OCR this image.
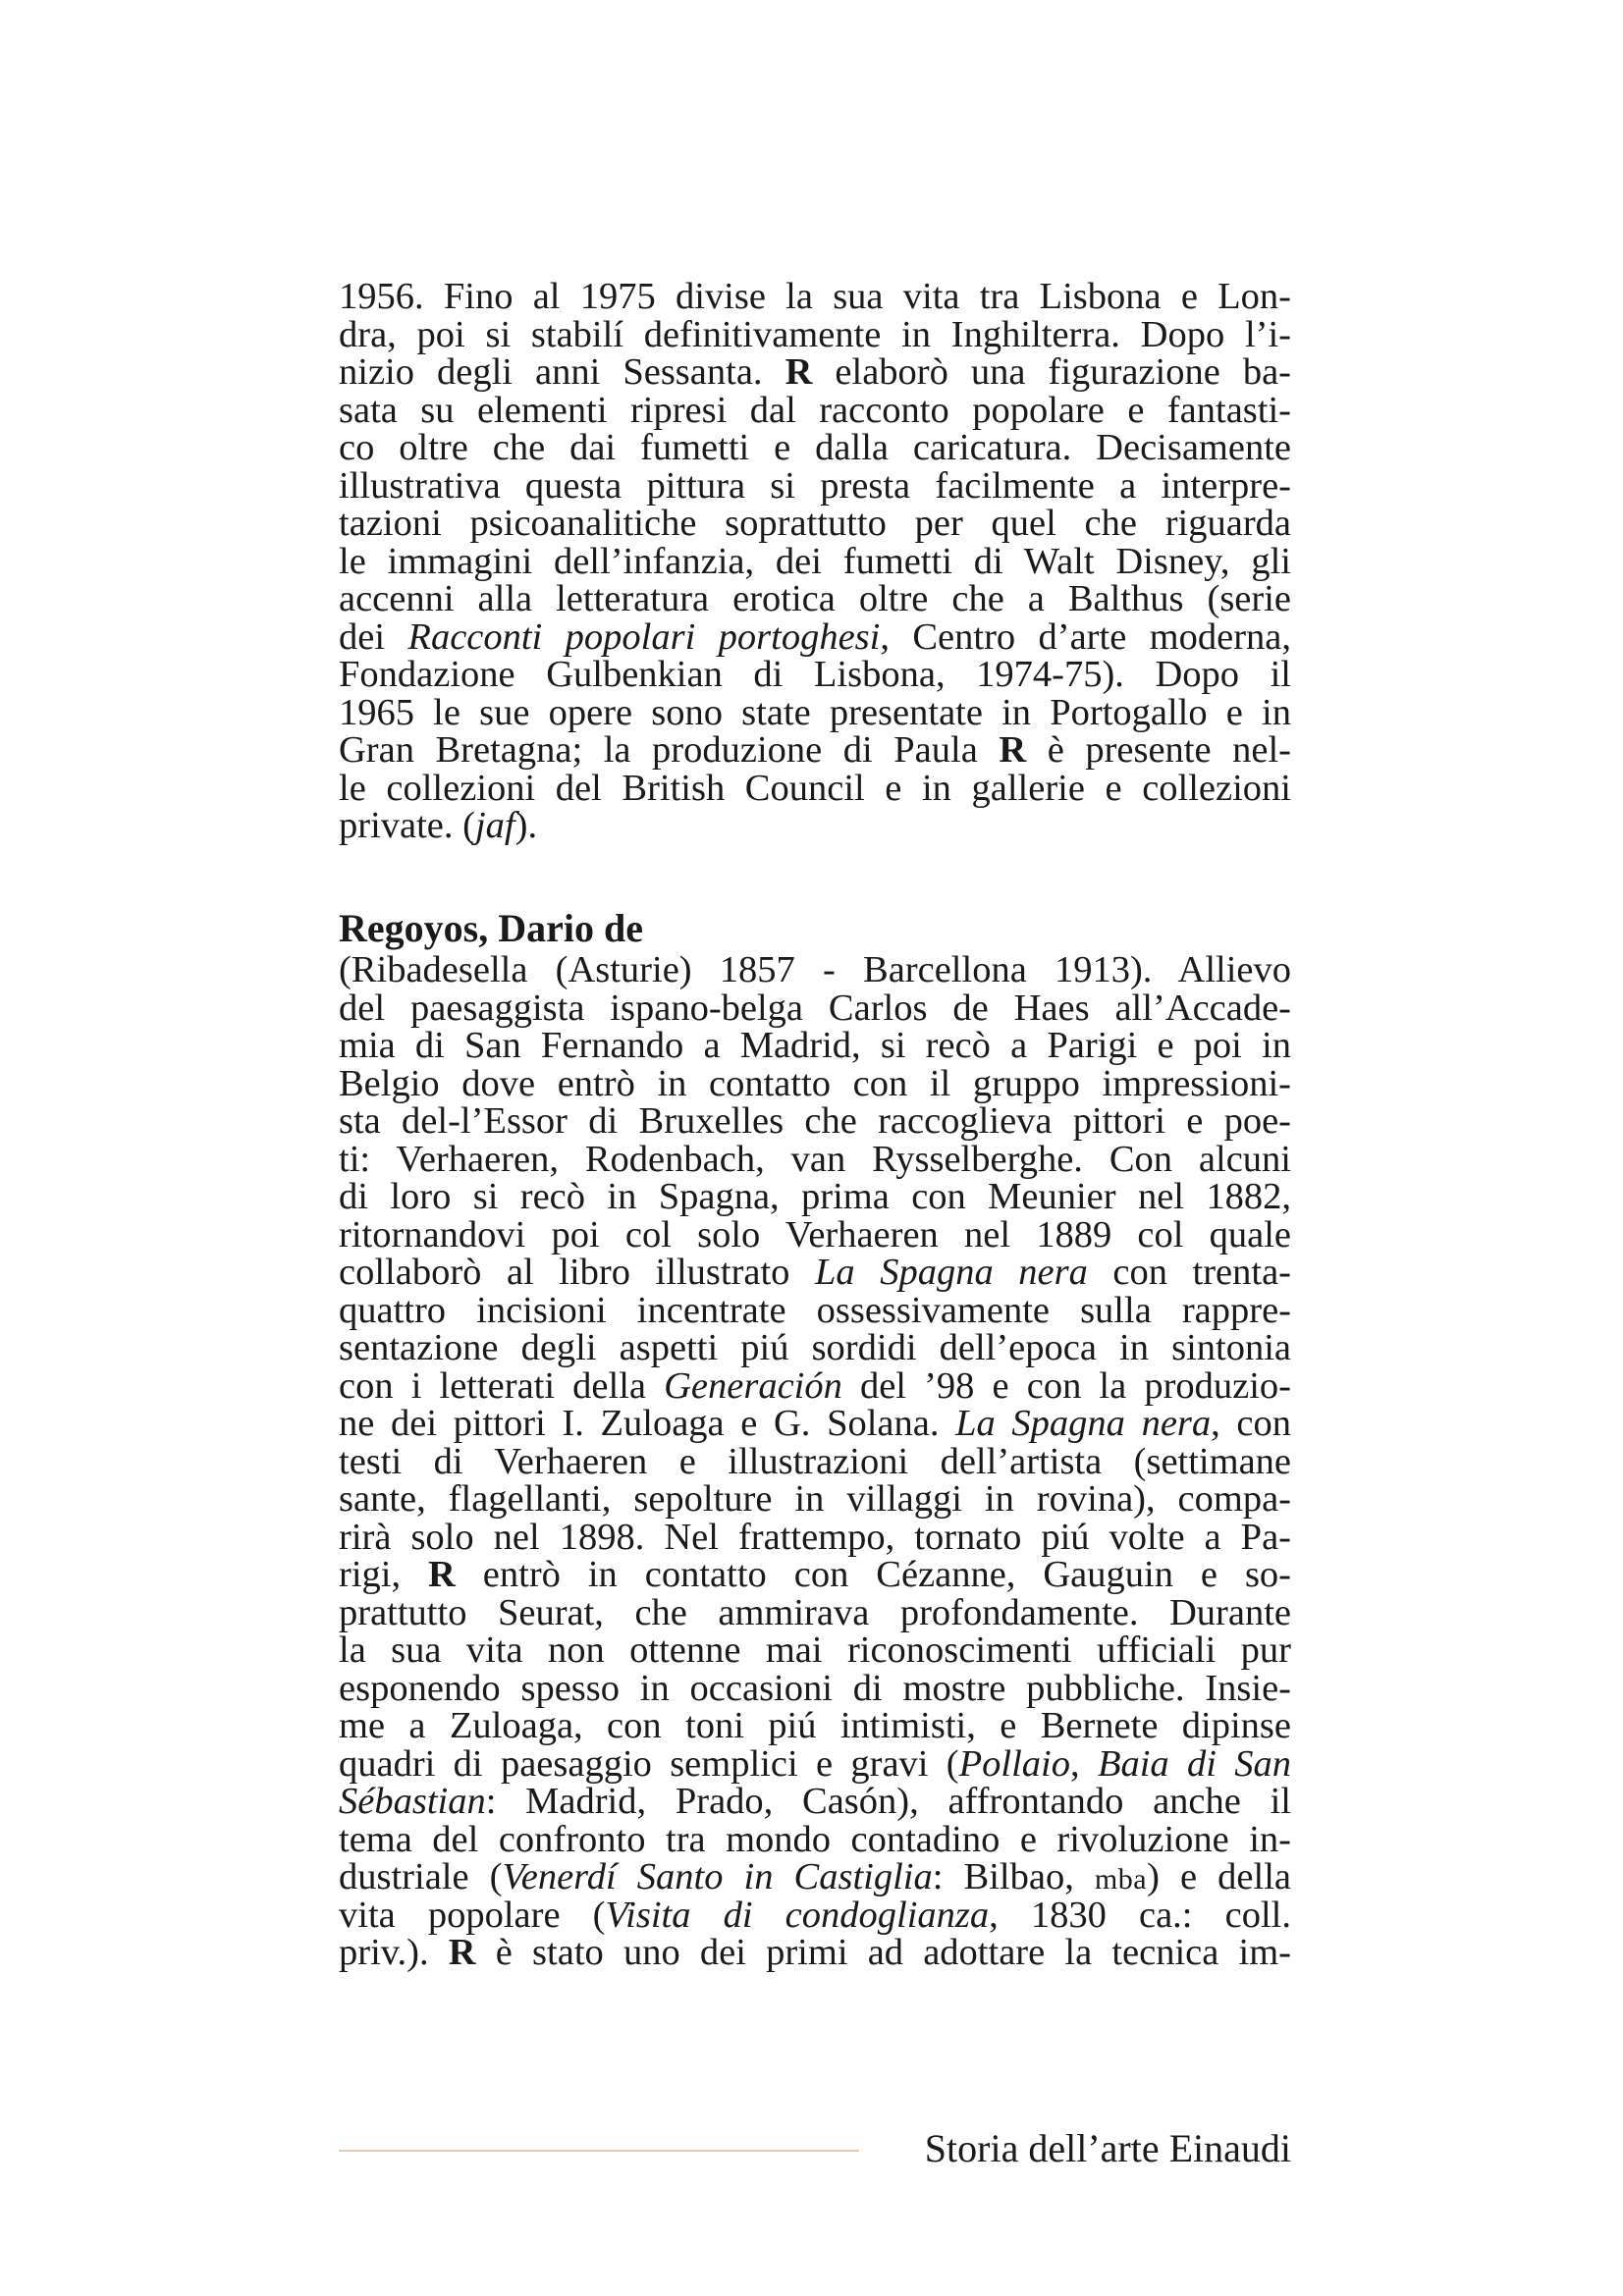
1956. Fino al 1975 divise la sua vita tra Lisbona e Lon-
dra, poi si stabilí definitivamente in Inghilterra. Dopo l’i-
nizio degli anni Sessanta. R elaborò una figurazione ba-
sata su elementi ripresi dal racconto popolare e fantasti-
co oltre che dai fumetti e dalla caricatura. Decisamente
illustrativa questa pittura si presta facilmente a interpre-
tazioni psicoanalitiche soprattutto per quel che riguarda
le immagini dell’infanzia, dei fumetti di Walt Disney, gli
accenni alla letteratura erotica oltre che a Balthus (serie
dei Racconti popolari portoghesi, Centro d’arte moderna,
Fondazione Gulbenkian di Lisbona, 1974-75). Dopo il
1965 le sue opere sono state presentate in Portogallo e in
Gran Bretagna; la produzione di Paula R è presente nel-
le collezioni del British Council e in gallerie e collezioni
private. (jaf).
Regoyos, Dario de
(Ribadesella (Asturie) 1857 - Barcellona 1913). Allievo
del paesaggista ispano-belga Carlos de Haes all’Accade-
mia di San Fernando a Madrid, si recò a Parigi e poi in
Belgio dove entrò in contatto con il gruppo impressioni-
sta del-l’Essor di Bruxelles che raccoglieva pittori e poe-
ti: Verhaeren, Rodenbach, van Rysselberghe. Con alcuni
di loro si recò in Spagna, prima con Meunier nel 1882,
ritornandovi poi col solo Verhaeren nel 1889 col quale
collaborò al libro illustrato La Spagna nera con trenta-
quattro incisioni incentrate ossessivamente sulla rappre-
sentazione degli aspetti piú sordidi dell’epoca in sintonia
con i letterati della Generación del ’98 e con la produzio-
ne dei pittori I. Zuloaga e G. Solana. La Spagna nera, con
testi di Verhaeren e illustrazioni dell’artista (settimane
sante, flagellanti, sepolture in villaggi in rovina), compa-
rirà solo nel 1898. Nel frattempo, tornato piú volte a Pa-
rigi, R entrò in contatto con Cézanne, Gauguin e so-
prattutto Seurat, che ammirava profondamente. Durante
la sua vita non ottenne mai riconoscimenti ufficiali pur
esponendo spesso in occasioni di mostre pubbliche. Insie-
me a Zuloaga, con toni piú intimisti, e Bernete dipinse
quadri di paesaggio semplici e gravi (Pollaio, Baia di San
Sébastian: Madrid, Prado, Casón), affrontando anche il
tema del confronto tra mondo contadino e rivoluzione in-
dustriale (Venerdí Santo in Castiglia: Bilbao, mba) e della
vita popolare (Visita di condoglianza, 1830 ca.: coll.
priv.). R è stato uno dei primi ad adottare la tecnica im-
Storia dell’arte Einaudi
